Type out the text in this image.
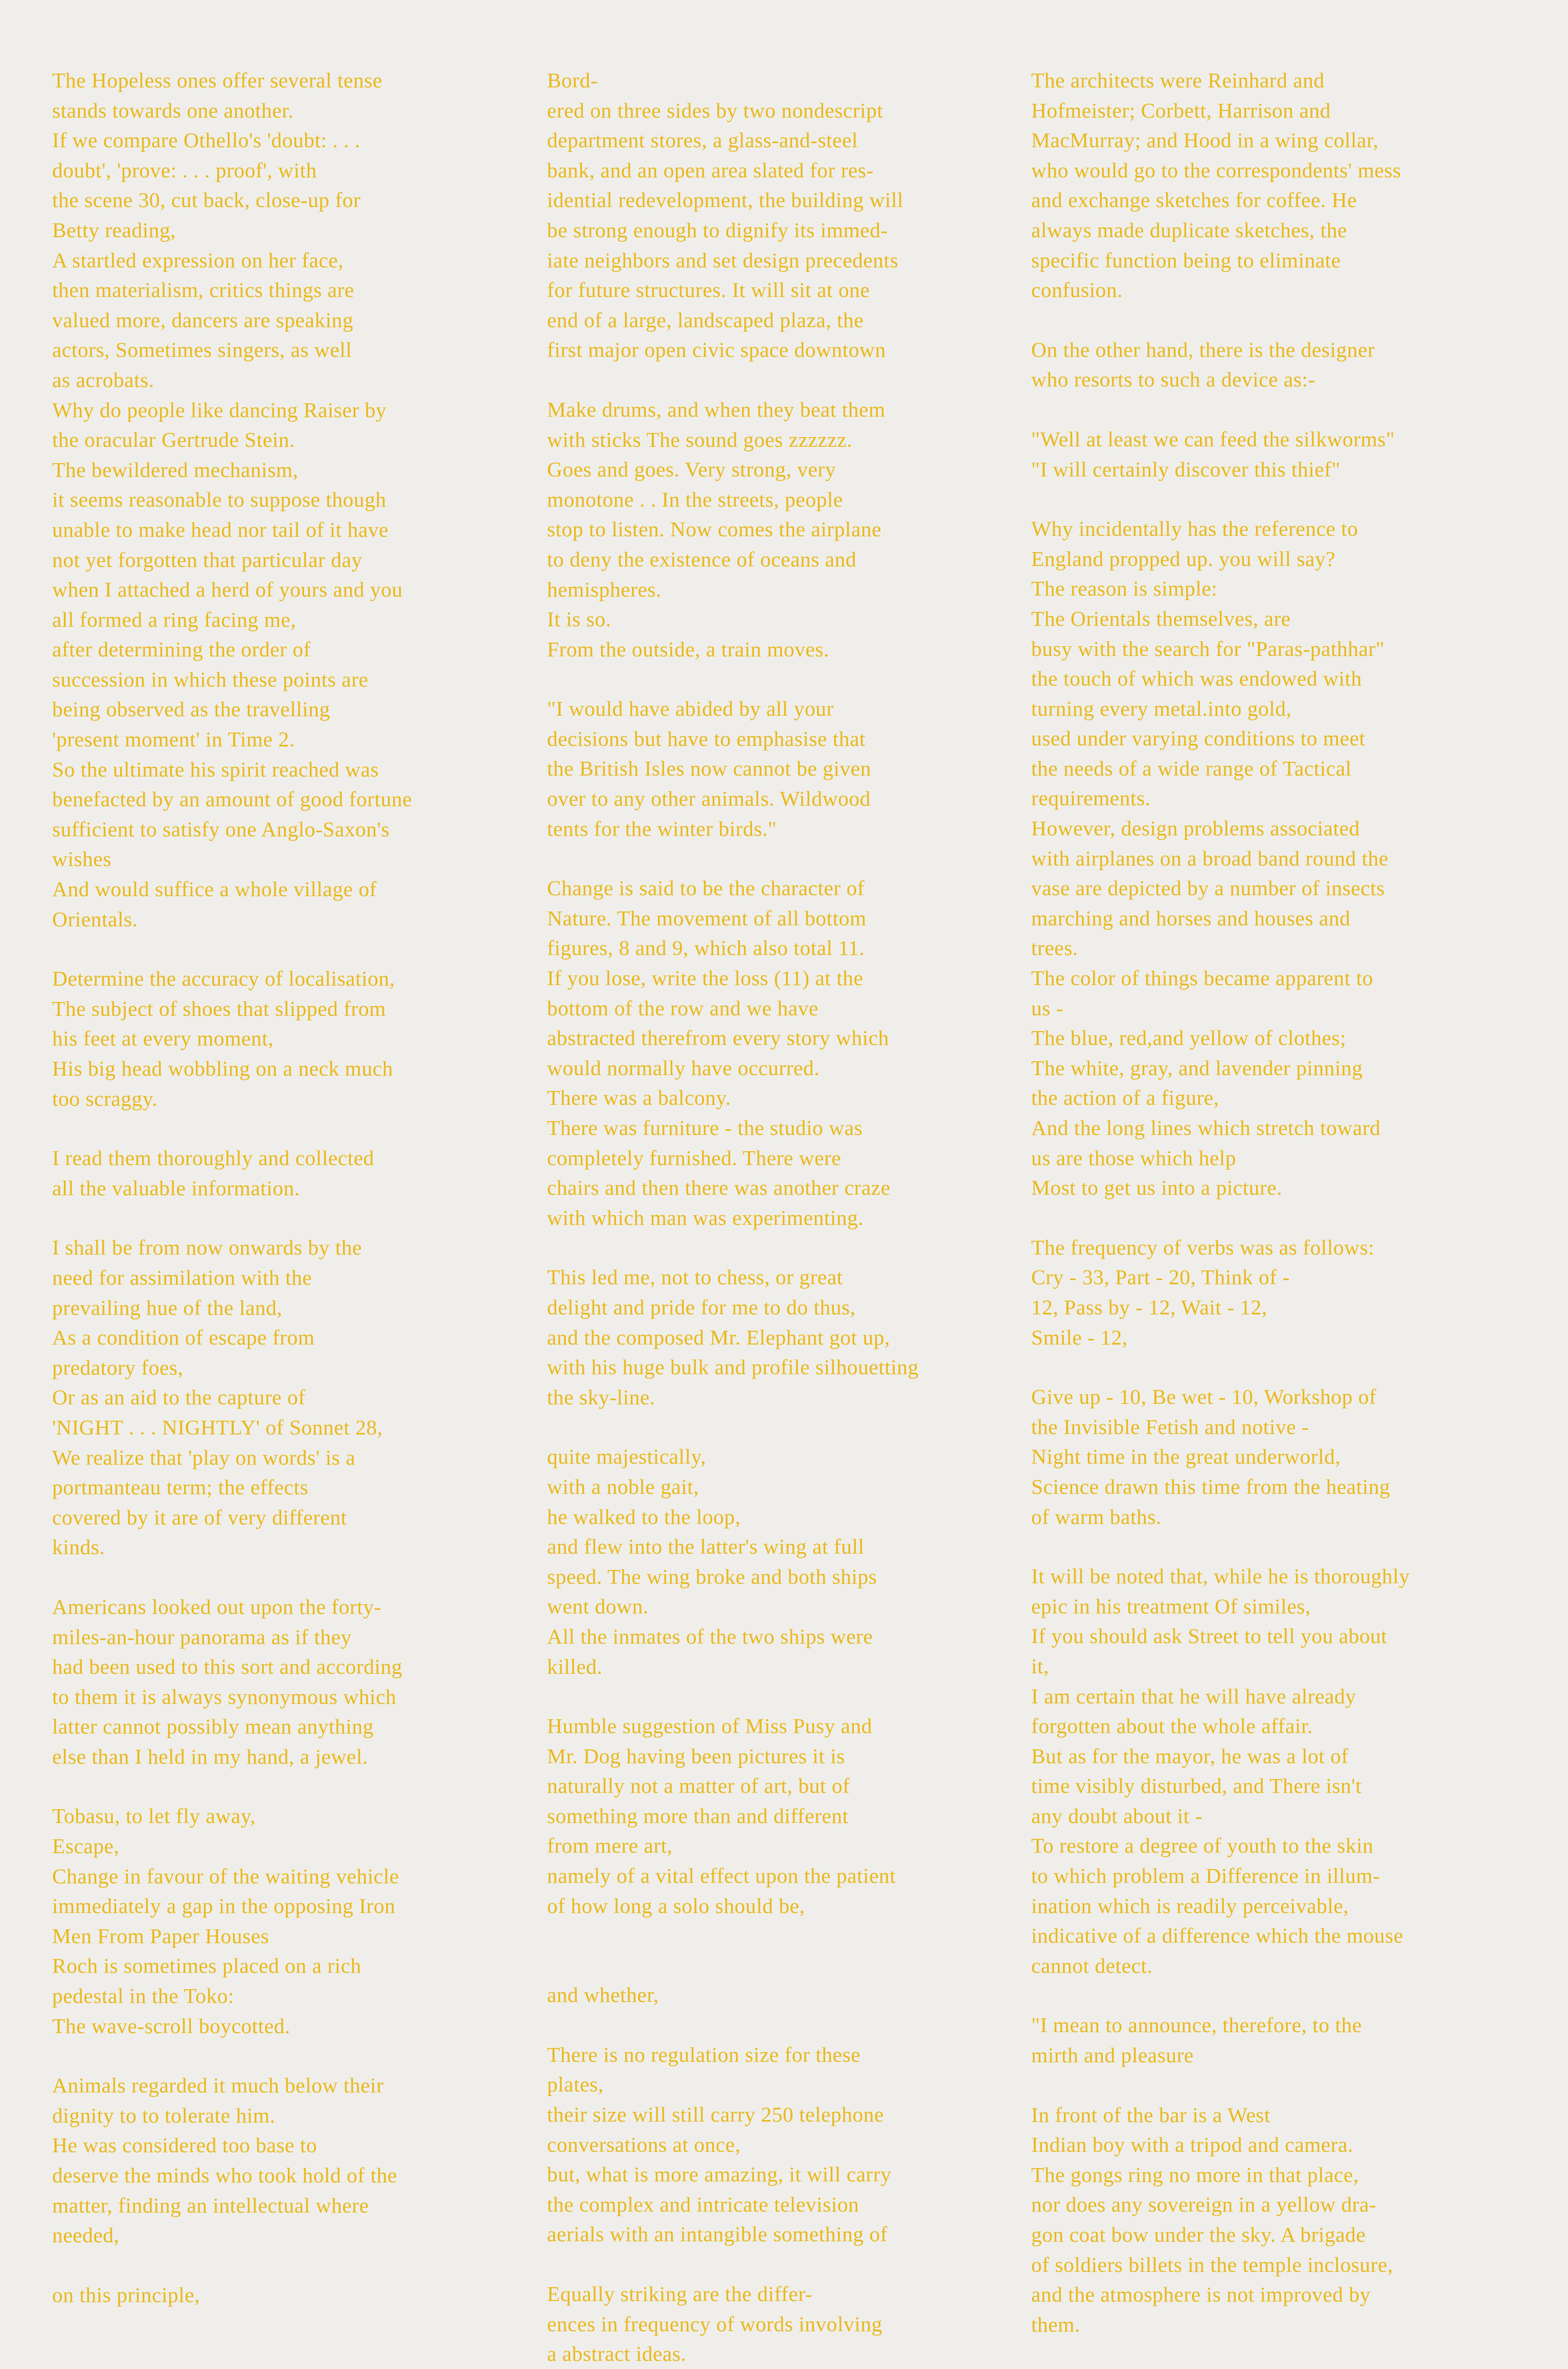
The Hopeless ones offer several tense
stands towards one another.
If we compare Othello's 'doubt: . . .
doubt', 'prove: . . . proof', with
the scene 30, cut back, close-up for
Betty reading,
A startled expression on her face,
then materialism, critics things are
valued more, dancers are speaking
actors, Sometimes singers, as well
as acrobats.
Why do people like dancing Raiser by
the oracular Gertrude Stein.
The bewildered mechanism,
it seems reasonable to suppose though
unable to make head nor tail of it have
not yet forgotten that particular day
when I attached a herd of yours and you
all formed a ring facing me,
after determining the order of
succession in which these points are
being observed as the travelling
'present moment' in Time 2.
So the ultimate his spirit reached was
benefacted by an amount of good fortune
sufficient to satisfy one Anglo-Saxon's
wishes
And would suffice a whole village of
Orientals.

Determine the accuracy of localisation,
The subject of shoes that slipped from
his feet at every moment,
His big head wobbling on a neck much
too scraggy.

I read them thoroughly and collected
all the valuable information.

I shall be from now onwards by the
need for assimilation with the
prevailing hue of the land,
As a condition of escape from
predatory foes,
Or as an aid to the capture of
'NIGHT . . . NIGHTLY' of Sonnet 28,
We realize that 'play on words' is a
portmanteau term; the effects
covered by it are of very different
kinds.

Americans looked out upon the forty-
miles-an-hour panorama as if they
had been used to this sort and according
to them it is always synonymous which
latter cannot possibly mean anything
else than I held in my hand, a jewel.

Tobasu, to let fly away,
Escape,
Change in favour of the waiting vehicle
immediately a gap in the opposing Iron
Men From Paper Houses
Roch is sometimes placed on a rich
pedestal in the Toko:
The wave-scroll boycotted.

Animals regarded it much below their
dignity to to tolerate him.
He was considered too base to
deserve the minds who took hold of the
matter, finding an intellectual where
needed,

on this principle,

Bord-
ered on three sides by two nondescript
department stores, a glass-and-steel
bank, and an open area slated for res-
idential redevelopment, the building will
be strong enough to dignify its immed-
iate neighbors and set design precedents
for future structures. It will sit at one
end of a large, landscaped plaza, the
first major open civic space downtown

Make drums, and when they beat them
with sticks The sound goes zzzzzz.
Goes and goes. Very strong, very
monotone . . In the streets, people
stop to listen. Now comes the airplane
to deny the existence of oceans and
hemispheres.
It is so.
From the outside, a train moves.

"I would have abided by all your
decisions but have to emphasise that
the British Isles now cannot be given
over to any other animals. Wildwood
tents for the winter birds."

Change is said to be the character of
Nature. The movement of all bottom
figures, 8 and 9, which also total 11.
If you lose, write the loss (11) at the
bottom of the row and we have
abstracted therefrom every story which
would normally have occurred.
There was a balcony.
There was furniture - the studio was
completely furnished. There were
chairs and then there was another craze
with which man was experimenting.

This led me, not to chess, or great
delight and pride for me to do thus,
and the composed Mr. Elephant got up,
with his huge bulk and profile silhouetting
the sky-line.

quite majestically,
with a noble gait,
he walked to the loop,
and flew into the latter's wing at full
speed. The wing broke and both ships
went down.
All the inmates of the two ships were
killed.

Humble suggestion of Miss Pusy and
Mr. Dog having been pictures it is
naturally not a matter of art, but of
something more than and different
from mere art,
namely of a vital effect upon the patient
of how long a solo should be,

and whether,

There is no regulation size for these
plates,
their size will still carry 250 telephone
conversations at once,
but, what is more amazing, it will carry
the complex and intricate television
aerials with an intangible something of

Equally striking are the differ-
ences in frequency of words involving
a abstract ideas.

The architects were Reinhard and
Hofmeister; Corbett, Harrison and
MacMurray; and Hood in a wing collar,
who would go to the correspondents' mess
and exchange sketches for coffee. He
always made duplicate sketches, the
specific function being to eliminate
confusion.

On the other hand, there is the designer
who resorts to such a device as:-

"Well at least we can feed the silkworms"
"I will certainly discover this thief"

Why incidentally has the reference to
England propped up. you will say?
The reason is simple:
The Orientals themselves, are
busy with the search for "Paras-pathhar"
the touch of which was endowed with
turning every metal.into gold,
used under varying conditions to meet
the needs of a wide range of Tactical
requirements.
However, design problems associated
with airplanes on a broad band round the
vase are depicted by a number of insects
marching and horses and houses and
trees.
The color of things became apparent to
us -
The blue, red,and yellow of clothes;
The white, gray, and lavender pinning
the action of a figure,
And the long lines which stretch toward
us are those which help
Most to get us into a picture.

The frequency of verbs was as follows:
Cry - 33, Part - 20, Think of -
12, Pass by - 12, Wait - 12,
Smile - 12,

Give up - 10, Be wet - 10, Workshop of
the Invisible Fetish and notive -
Night time in the great underworld,
Science drawn this time from the heating
of warm baths.

It will be noted that, while he is thoroughly
epic in his treatment Of similes,
If you should ask Street to tell you about
it,
I am certain that he will have already
forgotten about the whole affair.
But as for the mayor, he was a lot of
time visibly disturbed, and There isn't
any doubt about it -
To restore a degree of youth to the skin
to which problem a Difference in illum-
ination which is readily perceivable,
indicative of a difference which the mouse
cannot detect.

"I mean to announce, therefore, to the
mirth and pleasure

In front of the bar is a West
Indian boy with a tripod and camera.
The gongs ring no more in that place,
nor does any sovereign in a yellow dra-
gon coat bow under the sky. A brigade
of soldiers billets in the temple inclosure,
and the atmosphere is not improved by
them.
